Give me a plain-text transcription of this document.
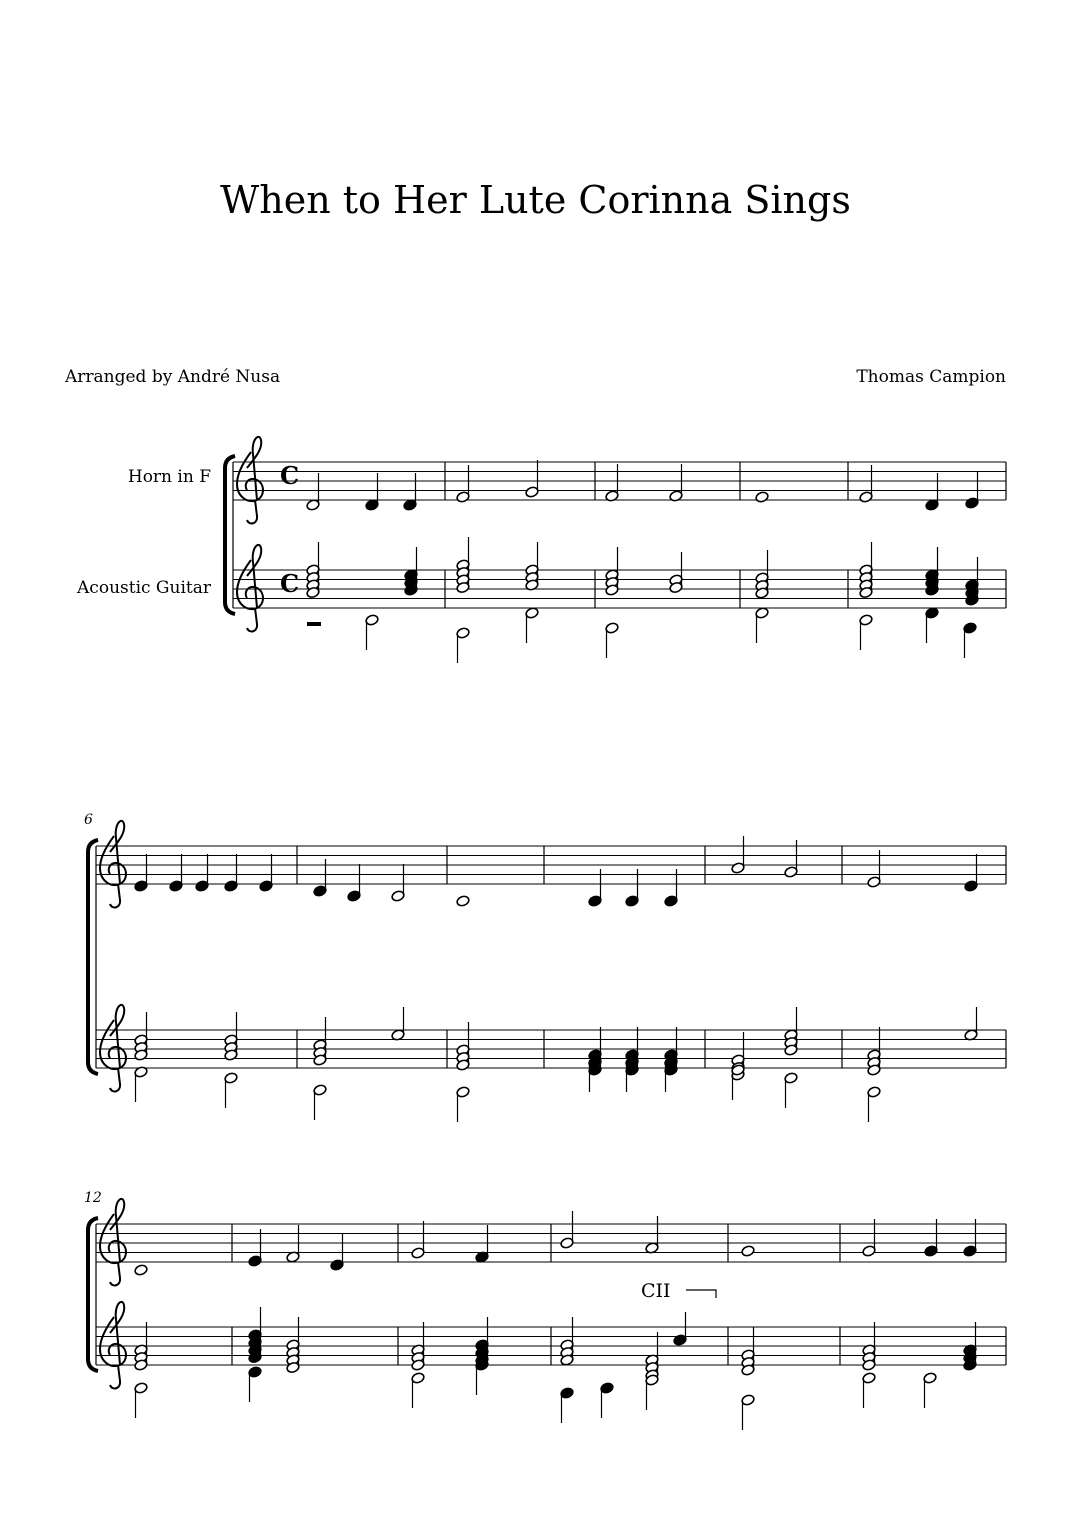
When to Her Lute Corinna Sings
Arranged by André Nusa	Thomas Campion
Horn in F
Acoustic Guitar
6
12
CII
C
C
